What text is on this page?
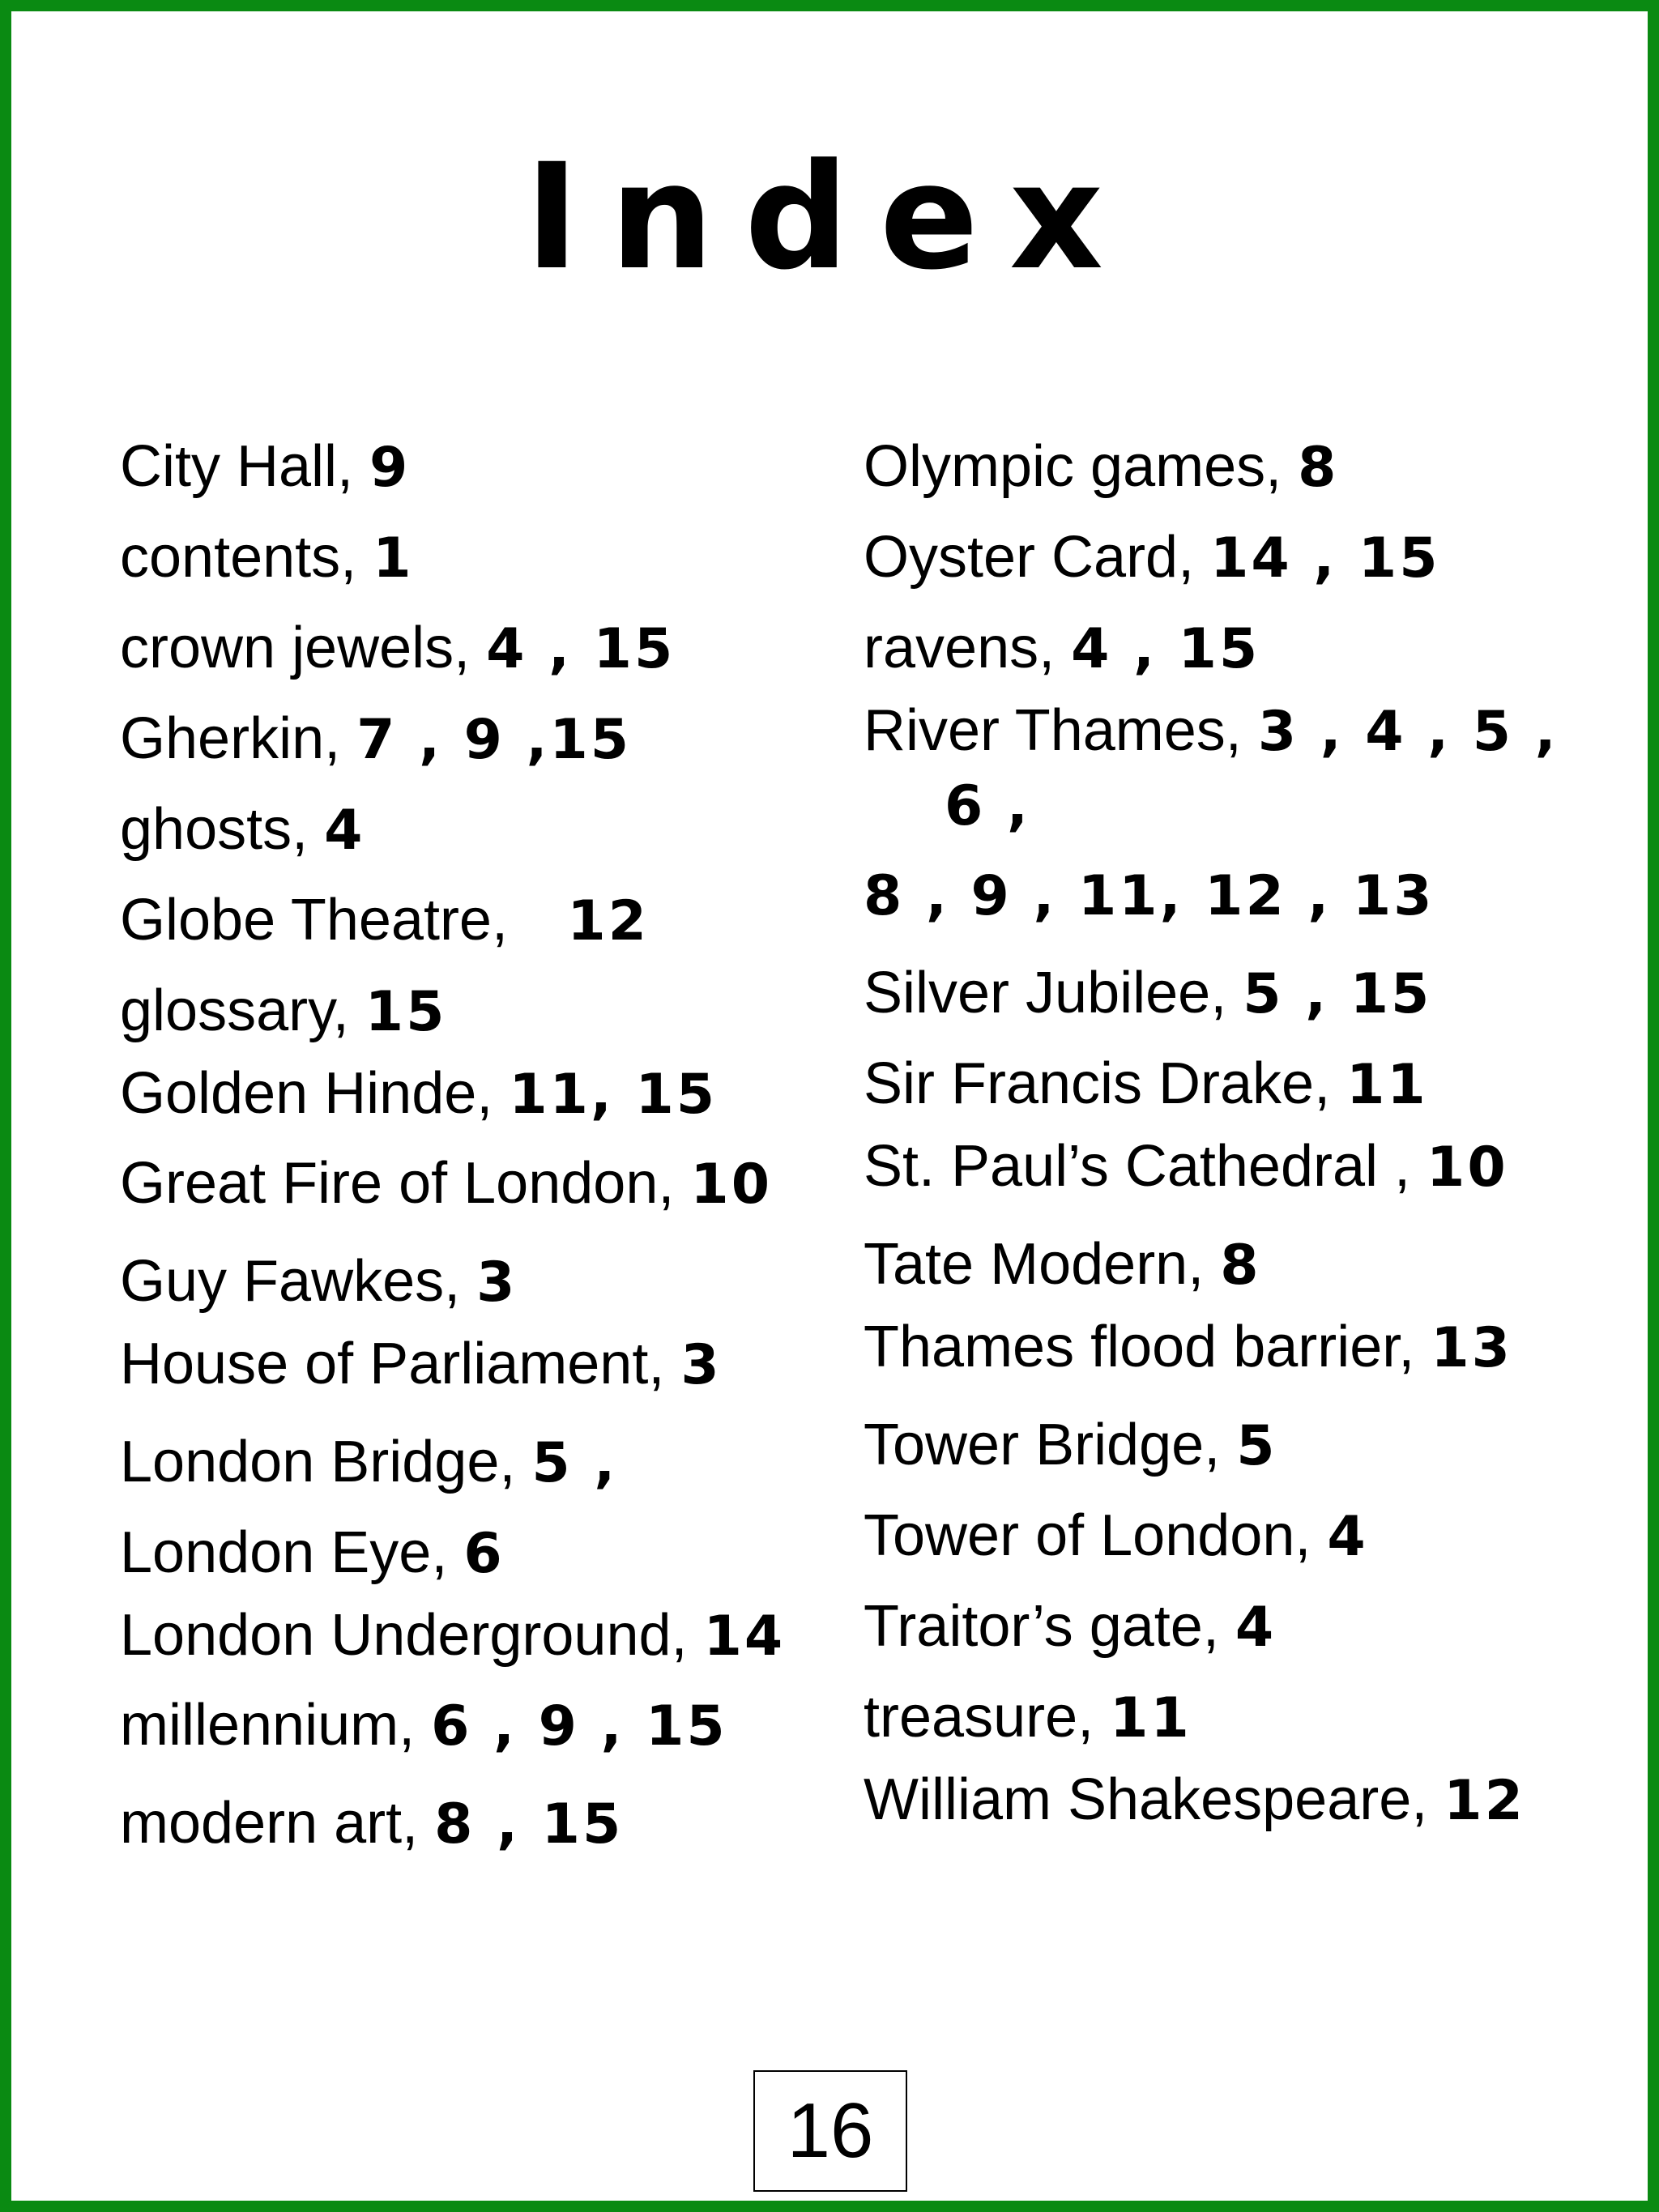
Index
City Hall, 9
contents, 1
crown jewels, 4 , 15
Gherkin, 7 , 9 ,15
ghosts, 4
Globe Theatre,   12
glossary, 15
Golden Hinde, 11, 15
Great Fire of London, 10
Guy Fawkes, 3
House of Parliament, 3
London Bridge, 5 ,
London Eye, 6
London Underground, 14
millennium, 6 , 9 , 15
modern art, 8 , 15
Olympic games, 8
Oyster Card, 14 , 15
ravens, 4 , 15
River Thames, 3 , 4 , 5 , 6 ,
8 , 9 , 11, 12 , 13
Silver Jubilee, 5 , 15
Sir Francis Drake, 11
St. Paul’s Cathedral , 10
Tate Modern, 8
Thames flood barrier, 13
Tower Bridge, 5
Tower of London, 4
Traitor’s gate, 4
treasure, 11
William Shakespeare, 12
16
